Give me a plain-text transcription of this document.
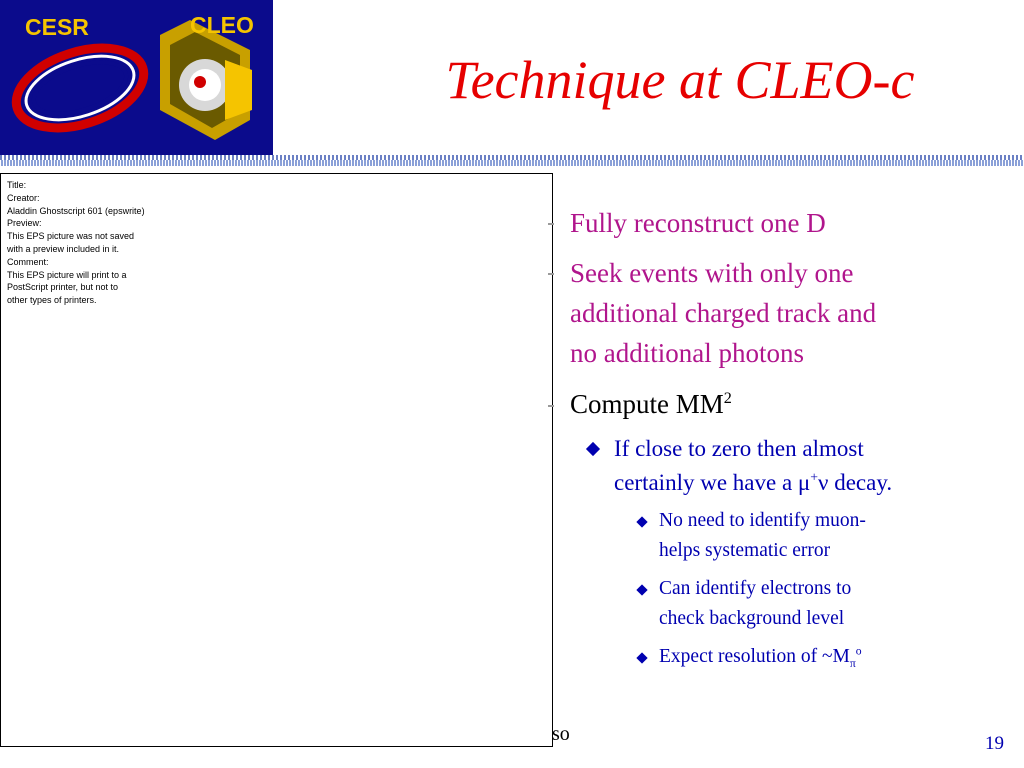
CESR	CLEO
Technique at CLEO-c
Title:
Creator:
Aladdin Ghostscript 601 (epswrite)
Preview:
This EPS picture was not saved
with a preview included in it.
Comment:
This EPS picture will print to a
PostScript printer, but not to
other types of printers.
Fully reconstruct one D
Seek events with only one
additional charged track and
no additional photons
Compute $MM^2$
If close to zero then almost
certainly we have a μ+ν decay.
No need to identify muon-
helps systematic error
Can identify electrons to
check background level
Expect resolution of $\sim M_\pi^o$
so	19
